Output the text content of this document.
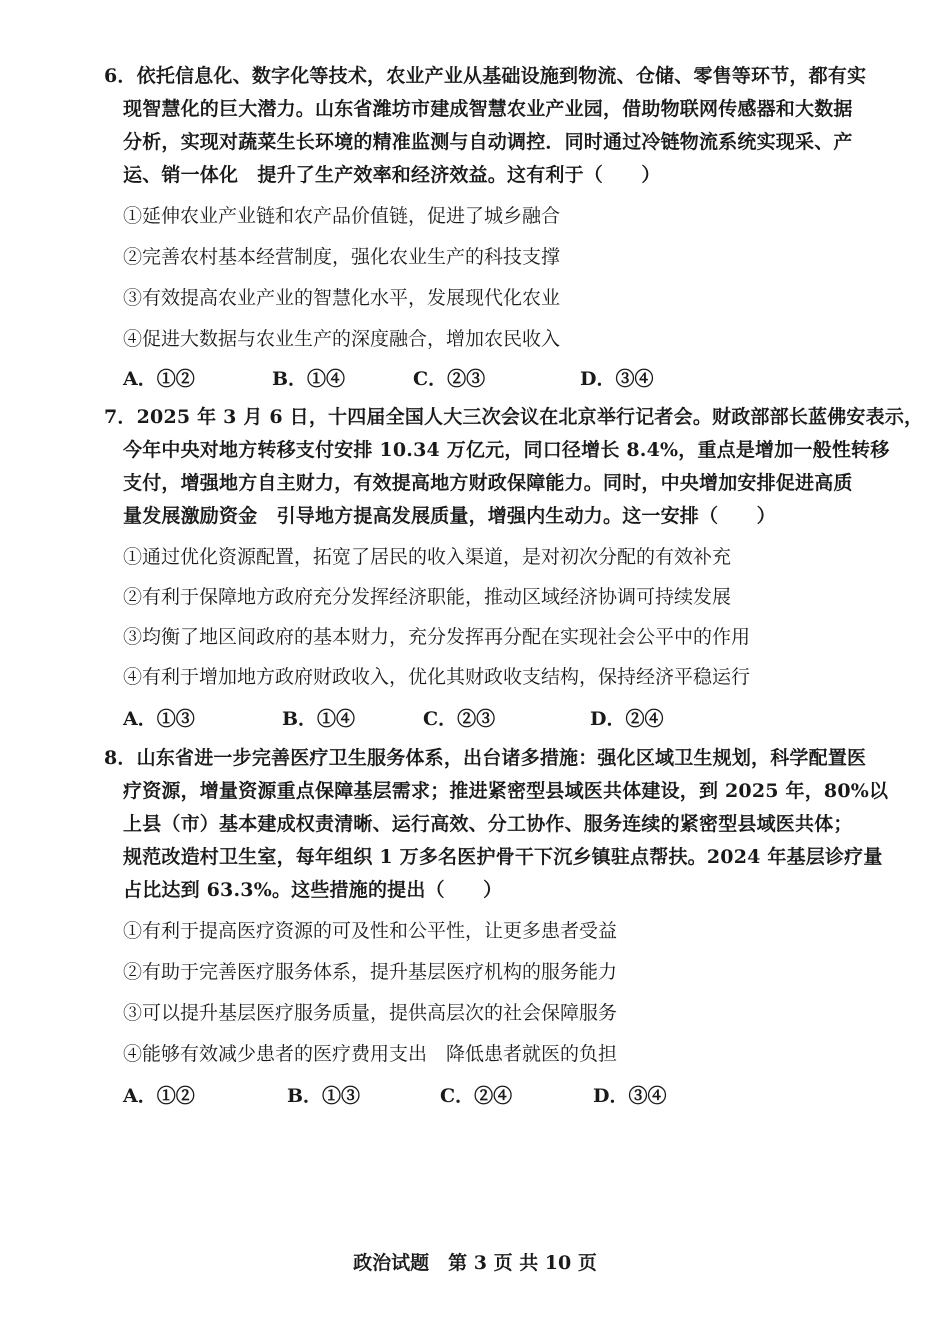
6．依托信息化、数字化等技术，农业产业从基础设施到物流、仓储、零售等环节，都有实
现智慧化的巨大潜力。山东省潍坊市建成智慧农业产业园，借助物联网传感器和大数据
分析，实现对蔬菜生长环境的精准监测与自动调控．同时通过冷链物流系统实现采、产
运、销一体化　提升了生产效率和经济效益。这有利于（　　）
①延伸农业产业链和农产品价值链，促进了城乡融合
②完善农村基本经营制度，强化农业生产的科技支撑
③有效提高农业产业的智慧化水平，发展现代化农业
④促进大数据与农业生产的深度融合，增加农民收入
A．①②	B．①④	C．②③	D．③④
7．2025 年 3 月 6 日，十四届全国人大三次会议在北京举行记者会。财政部部长蓝佛安表示，
今年中央对地方转移支付安排 10.34 万亿元，同口径增长 8.4%，重点是增加一般性转移
支付，增强地方自主财力，有效提高地方财政保障能力。同时，中央增加安排促进高质
量发展激励资金　引导地方提高发展质量，增强内生动力。这一安排（　　）
①通过优化资源配置，拓宽了居民的收入渠道，是对初次分配的有效补充
②有利于保障地方政府充分发挥经济职能，推动区域经济协调可持续发展
③均衡了地区间政府的基本财力，充分发挥再分配在实现社会公平中的作用
④有利于增加地方政府财政收入，优化其财政收支结构，保持经济平稳运行
A．①③	B．①④	C．②③	D．②④
8．山东省进一步完善医疗卫生服务体系，出台诸多措施：强化区域卫生规划，科学配置医
疗资源，增量资源重点保障基层需求；推进紧密型县域医共体建设，到 2025 年，80%以
上县（市）基本建成权责清晰、运行高效、分工协作、服务连续的紧密型县域医共体；
规范改造村卫生室，每年组织 1 万多名医护骨干下沉乡镇驻点帮扶。2024 年基层诊疗量
占比达到 63.3%。这些措施的提出（　　）
①有利于提高医疗资源的可及性和公平性，让更多患者受益
②有助于完善医疗服务体系，提升基层医疗机构的服务能力
③可以提升基层医疗服务质量，提供高层次的社会保障服务
④能够有效减少患者的医疗费用支出　降低患者就医的负担
A．①②	B．①③	C．②④	D．③④
政治试题　第 3 页 共 10 页
